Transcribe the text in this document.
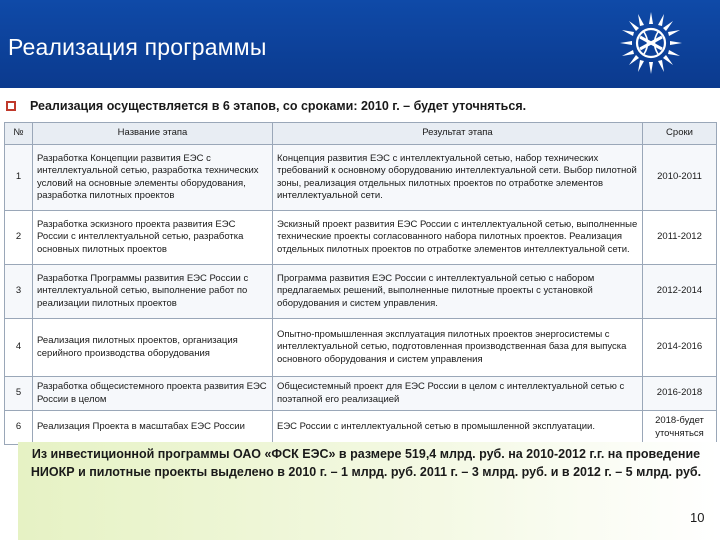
Реализация программы
Реализация осуществляется в 6 этапов, со сроками: 2010 г. – будет уточняться.
№	Название этапа	Результат этапа	Сроки
1	Разработка Концепции развития ЕЭС с интеллектуальной сетью, разработка технических условий на основные элементы оборудования, разработка пилотных проектов	Концепция развития ЕЭС с интеллектуальной сетью, набор технических требований к основному оборудованию интеллектуальной сети. Выбор пилотной зоны, реализация отдельных пилотных проектов по отработке элементов интеллектуальной сети.	2010-2011
2	Разработка эскизного проекта развития ЕЭС России с интеллектуальной сетью, разработка основных пилотных проектов	Эскизный проект развития ЕЭС России с интеллектуальной сетью, выполненные технические проекты согласованного набора пилотных проектов. Реализация отдельных пилотных проектов по отработке элементов интеллектуальной сети.	2011-2012
3	Разработка Программы развития ЕЭС России с интеллектуальной сетью, выполнение работ по реализации пилотных проектов	Программа развития ЕЭС России с интеллектуальной сетью с набором предлагаемых решений, выполненные пилотные проекты с установкой оборудования и систем управления.	2012-2014
4	Реализация пилотных проектов, организация серийного производства оборудования	Опытно-промышленная эксплуатация пилотных проектов энергосистемы с интеллектуальной сетью, подготовленная производственная база для выпуска основного оборудования и систем управления	2014-2016
5	Разработка общесистемного проекта развития ЕЭС России в целом	Общесистемный проект для ЕЭС России в целом с интеллектуальной сетью с поэтапной его реализацией	2016-2018
6	Реализация Проекта в масштабах ЕЭС России	ЕЭС России с интеллектуальной сетью в промышленной эксплуатации.	2018-будет уточняться
Из инвестиционной программы ОАО «ФСК ЕЭС» в размере 519,4 млрд. руб. на 2010-2012 г.г. на проведение НИОКР и пилотные проекты выделено в 2010 г. – 1 млрд. руб. 2011 г. – 3 млрд. руб. и в 2012 г. – 5 млрд. руб.
10
